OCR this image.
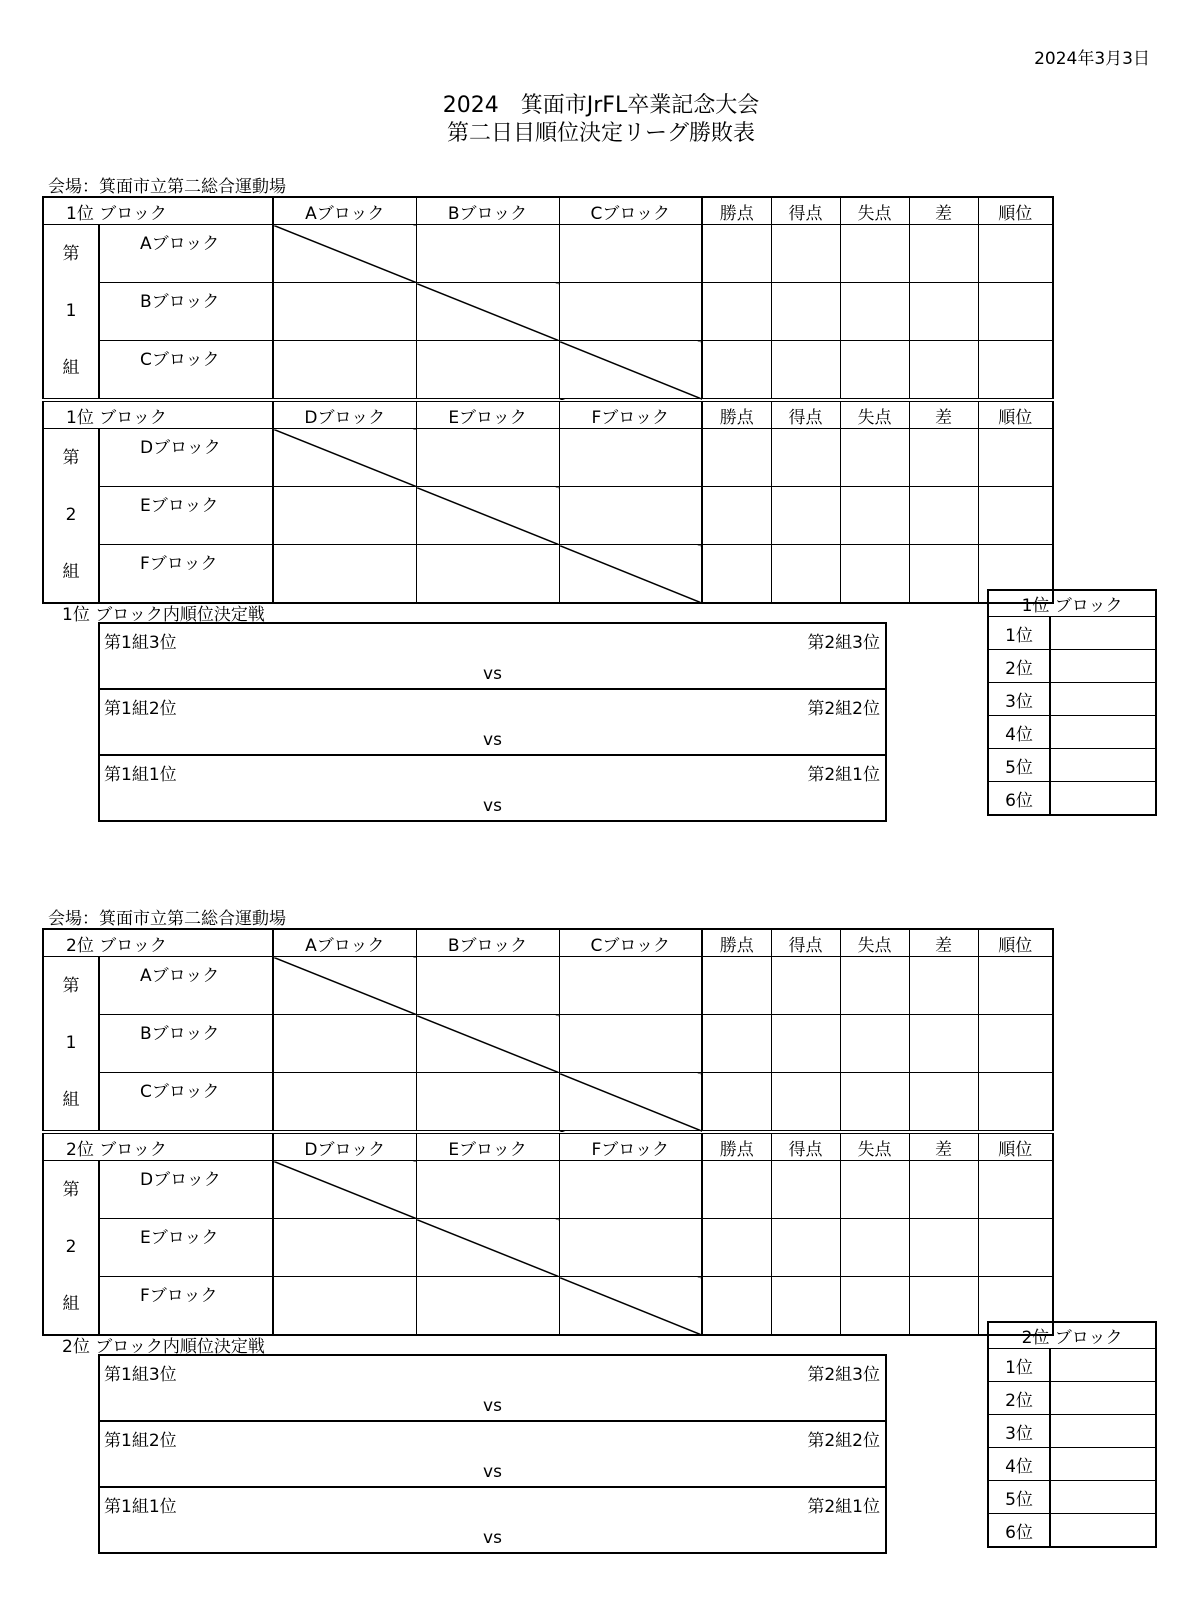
2024年3月3日
2024　箕面市JrFL卒業記念大会
第二日目順位決定リーグ勝敗表
会場：箕面市立第二総合運動場
1位 ブロック		Aブロック	Bブロック	Cブロック	勝点	得点	失点	差	順位

第
1
組	Aブロック								
	Bブロック								
	Cブロック								
1位 ブロック		Dブロック	Eブロック	Fブロック	勝点	得点	失点	差	順位

第
2
組	Dブロック								
	Eブロック								
	Fブロック								
1位 ブロック内順位決定戦
第1組3位	第2組3位
vs
第1組2位	第2組2位
vs
第1組1位	第2組1位
vs
1位 ブロック	
1位	
2位	
3位	
4位	
5位	
6位	
会場：箕面市立第二総合運動場
2位 ブロック		Aブロック	Bブロック	Cブロック	勝点	得点	失点	差	順位

第
1
組	Aブロック								
	Bブロック								
	Cブロック								
2位 ブロック		Dブロック	Eブロック	Fブロック	勝点	得点	失点	差	順位

第
2
組	Dブロック								
	Eブロック								
	Fブロック								
2位 ブロック内順位決定戦
第1組3位	第2組3位
vs
第1組2位	第2組2位
vs
第1組1位	第2組1位
vs
2位 ブロック	
1位	
2位	
3位	
4位	
5位	
6位	
